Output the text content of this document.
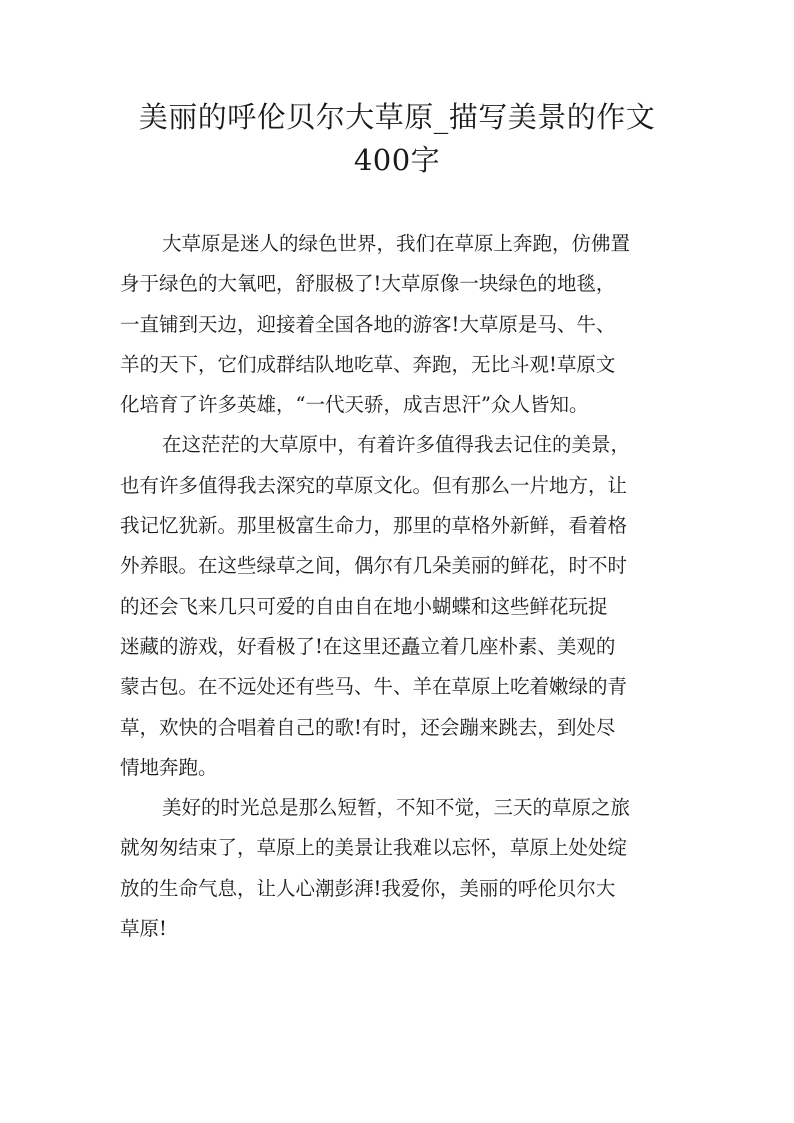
美丽的呼伦贝尔大草原_描写美景的作文
400字
大草原是迷人的绿色世界，我们在草原上奔跑，仿佛置
身于绿色的大氧吧，舒服极了!大草原像一块绿色的地毯，
一直铺到天边，迎接着全国各地的游客!大草原是马、牛、
羊的天下，它们成群结队地吃草、奔跑，无比斗观!草原文
化培育了许多英雄，“一代天骄，成吉思汗”众人皆知。
在这茫茫的大草原中，有着许多值得我去记住的美景，
也有许多值得我去深究的草原文化。但有那么一片地方，让
我记忆犹新。那里极富生命力，那里的草格外新鲜，看着格
外养眼。在这些绿草之间，偶尔有几朵美丽的鲜花，时不时
的还会飞来几只可爱的自由自在地小蝴蝶和这些鲜花玩捉
迷藏的游戏，好看极了!在这里还矗立着几座朴素、美观的
蒙古包。在不远处还有些马、牛、羊在草原上吃着嫩绿的青
草，欢快的合唱着自己的歌!有时，还会蹦来跳去，到处尽
情地奔跑。
美好的时光总是那么短暂，不知不觉，三天的草原之旅
就匆匆结束了，草原上的美景让我难以忘怀，草原上处处绽
放的生命气息，让人心潮彭湃!我爱你，美丽的呼伦贝尔大
草原!
